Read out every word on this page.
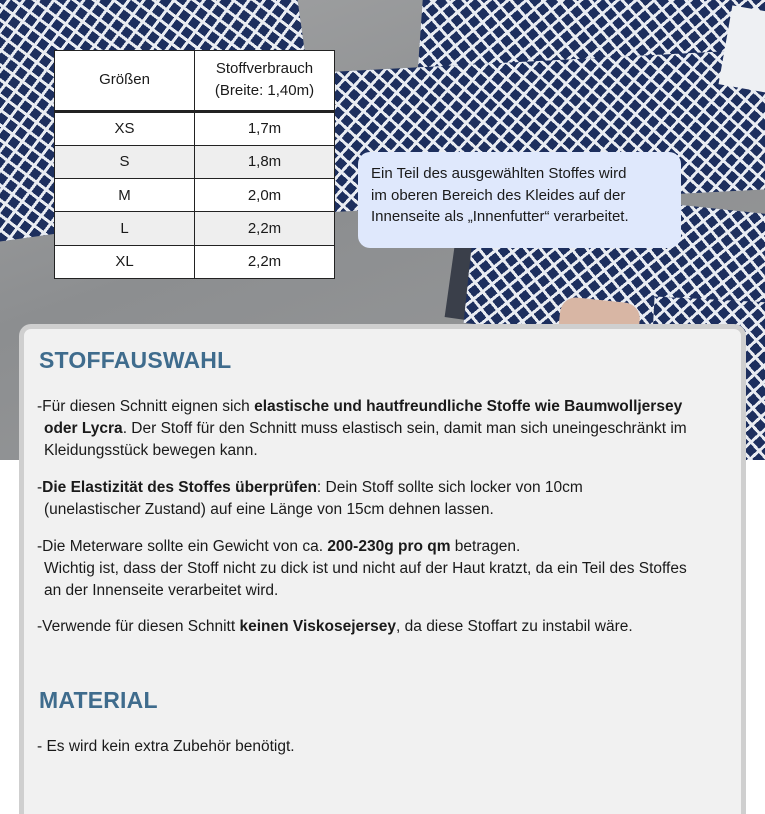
Größen	Stoffverbrauch
(Breite: 1,40m)
XS	1,7m
S	1,8m
M	2,0m
L	2,2m
XL	2,2m
Ein Teil des ausgewählten Stoffes wird
im oberen Bereich des Kleides auf der
Innenseite als „Innenfutter“ verarbeitet.
STOFFAUSWAHL

-Für diesen Schnitt eignen sich elastische und hautfreundliche Stoffe wie Baumwolljersey
oder Lycra. Der Stoff für den Schnitt muss elastisch sein, damit man sich uneingeschränkt im
Kleidungsstück bewegen kann.

-Die Elastizität des Stoffes überprüfen: Dein Stoff sollte sich locker von 10cm
(unelastischer Zustand) auf eine Länge von 15cm dehnen lassen.

-Die Meterware sollte ein Gewicht von ca. 200-230g pro qm betragen.
Wichtig ist, dass der Stoff nicht zu dick ist und nicht auf der Haut kratzt, da ein Teil des Stoffes
an der Innenseite verarbeitet wird.

-Verwende für diesen Schnitt keinen Viskosejersey, da diese Stoffart zu instabil wäre.

MATERIAL

- Es wird kein extra Zubehör benötigt.
